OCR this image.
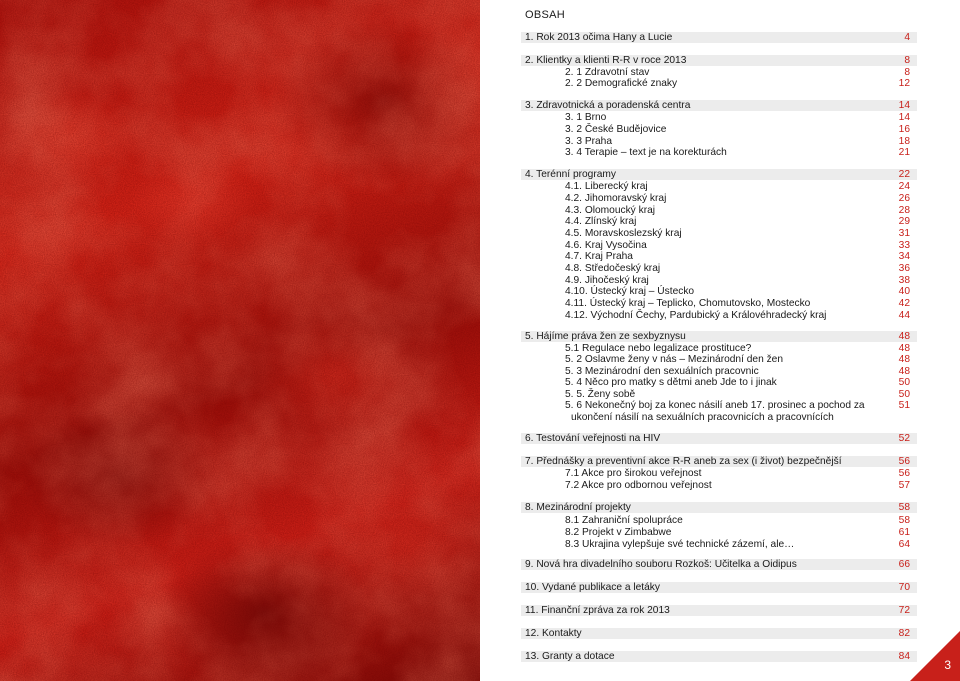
OBSAH
1. Rok 2013 očima Hany a Lucie	4
2. Klientky a klienti R-R v roce 2013	8
2. 1 Zdravotní stav	8
2. 2 Demografické znaky	12
3. Zdravotnická a poradenská centra	14
3. 1 Brno	14
3. 2 České Budějovice	16
3. 3 Praha	18
3. 4 Terapie – text je na korekturách	21
4. Terénní programy	22
4.1. Liberecký kraj	24
4.2. Jihomoravský kraj	26
4.3. Olomoucký kraj	28
4.4. Zlínský kraj	29
4.5. Moravskoslezský kraj	31
4.6. Kraj Vysočina	33
4.7. Kraj Praha	34
4.8. Středočeský kraj	36
4.9. Jihočeský kraj	38
4.10. Ústecký kraj – Ústecko	40
4.11. Ústecký kraj – Teplicko, Chomutovsko, Mostecko	42
4.12. Východní Čechy, Pardubický a Královéhradecký kraj	44
5. Hájíme práva žen ze sexbyznysu	48
5.1 Regulace nebo legalizace prostituce?	48
5. 2 Oslavme ženy v nás – Mezinárodní den žen	48
5. 3 Mezinárodní den sexuálních pracovnic	48
5. 4 Něco pro matky s dětmi aneb Jde to i jinak	50
5. 5. Ženy sobě	50
5. 6 Nekonečný boj za konec násilí aneb 17. prosinec a pochod za	51
ukončení násilí na sexuálních pracovnicích a pracovnících
6. Testování veřejnosti na HIV	52
7. Přednášky a preventivní akce R-R aneb za sex (i život) bezpečnější	56
7.1 Akce pro širokou veřejnost	56
7.2 Akce pro odbornou veřejnost	57
8. Mezinárodní projekty	58
8.1 Zahraniční spolupráce	58
8.2 Projekt v Zimbabwe	61
8.3 Ukrajina vylepšuje své technické zázemí, ale…	64
9. Nová hra divadelního souboru Rozkoš: Učitelka a Oidipus	66
10. Vydané publikace a letáky	70
11. Finanční zpráva za rok 2013	72
12. Kontakty	82
13. Granty a dotace	84
3
